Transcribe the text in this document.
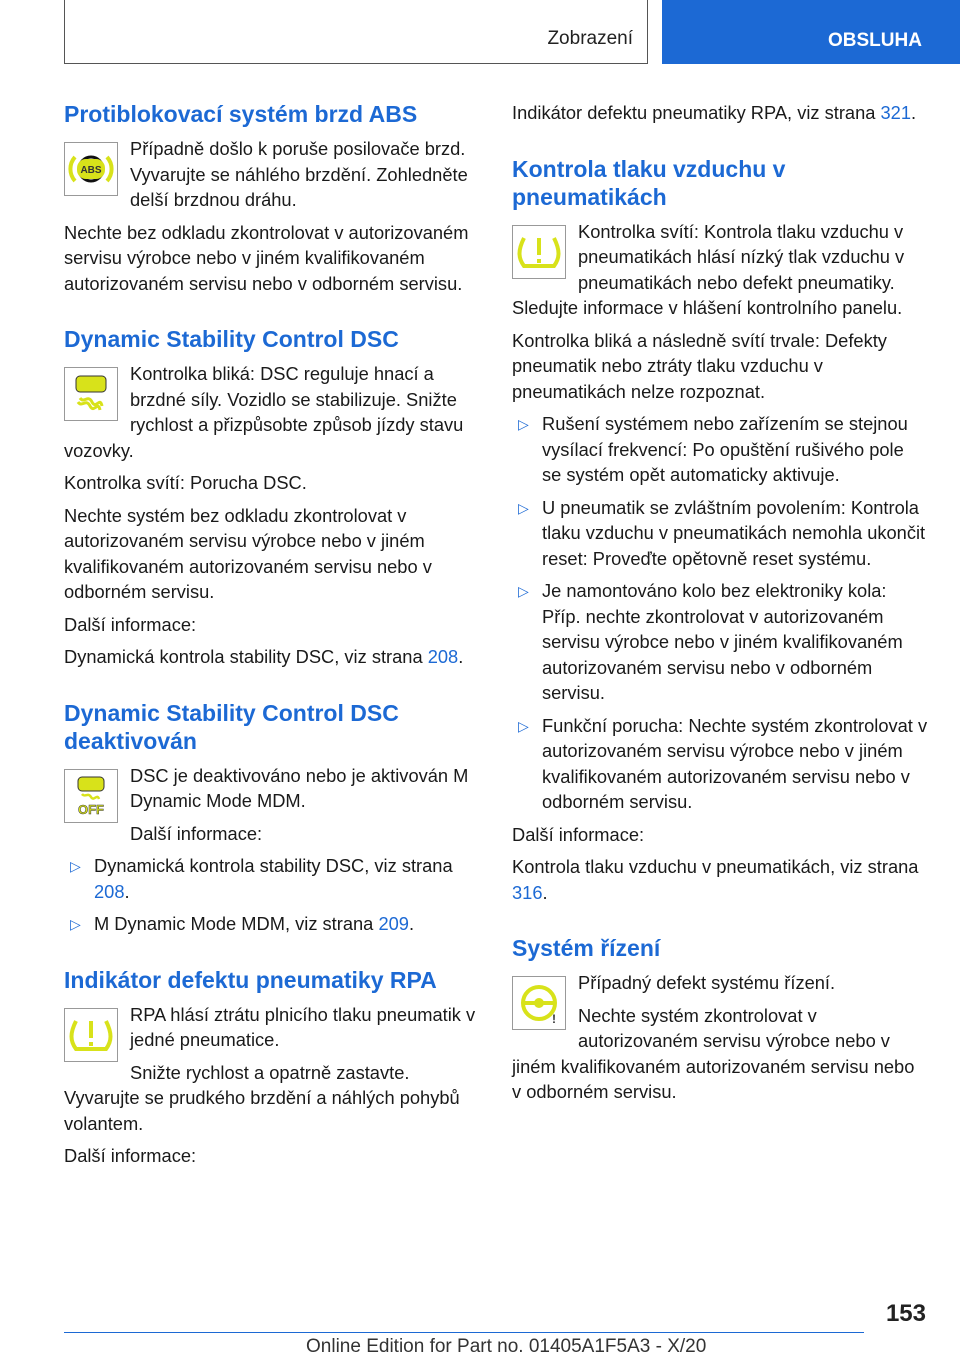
Zobrazení	OBSLUHA
Protiblokovací systém brzd ABS
ABS

Případně došlo k poruše posilovače brzd. Vyvarujte se náhlého brzdění. Zohledněte delší brzdnou dráhu.

Nechte bez odkladu zkontrolovat v autorizovaném servisu výrobce nebo v jiném kvalifikovaném autorizovaném servisu nebo v odborném servisu.

Dynamic Stability Control DSC

Kontrolka bliká: DSC reguluje hnací a brzdné síly. Vozidlo se stabilizuje. Snižte rychlost a přizpůsobte způsob jízdy stavu vozovky.

Kontrolka svítí: Porucha DSC.

Nechte systém bez odkladu zkontrolovat v autorizovaném servisu výrobce nebo v jiném kvalifikovaném autorizovaném servisu nebo v odborném servisu.

Další informace:

Dynamická kontrola stability DSC, viz strana 208.

Dynamic Stability Control DSC deaktivován
OFF

DSC je deaktivováno nebo je aktivován M Dynamic Mode MDM.

Další informace:

▷ Dynamická kontrola stability DSC, viz strana 208.
▷ M Dynamic Mode MDM, viz strana 209.
Indikátor defektu pneumatiky RPA

RPA hlásí ztrátu plnicího tlaku pneumatik v jedné pneumatice.

Snižte rychlost a opatrně zastavte. Vyvarujte se prudkého brzdění a náhlých pohybů volantem.

Další informace:

Indikátor defektu pneumatiky RPA, viz strana 321.

Kontrola tlaku vzduchu v pneumatikách

Kontrolka svítí: Kontrola tlaku vzduchu v pneumatikách hlásí nízký tlak vzduchu v pneumatikách nebo defekt pneumatiky. Sledujte informace v hlášení kontrolního panelu.

Kontrolka bliká a následně svítí trvale: Defekty pneumatik nebo ztráty tlaku vzduchu v pneumatikách nelze rozpoznat.

▷ Rušení systémem nebo zařízením se stejnou vysílací frekvencí: Po opuštění rušivého pole se systém opět automaticky aktivuje.
▷ U pneumatik se zvláštním povolením: Kontrola tlaku vzduchu v pneumatikách nemohla ukončit reset: Proveďte opětovně reset systému.
▷ Je namontováno kolo bez elektroniky kola: Příp. nechte zkontrolovat v autorizovaném servisu výrobce nebo v jiném kvalifikovaném autorizovaném servisu nebo v odborném servisu.
▷ Funkční porucha: Nechte systém zkontrolovat v autorizovaném servisu výrobce nebo v jiném kvalifikovaném autorizovaném servisu nebo v odborném servisu.

Další informace:

Kontrola tlaku vzduchu v pneumatikách, viz strana 316.

Systém řízení
!

Případný defekt systému řízení.

Nechte systém zkontrolovat v autorizovaném servisu výrobce nebo v jiném kvalifikovaném autorizovaném servisu nebo v odborném servisu.

153
Online Edition for Part no. 01405A1F5A3 - X/20
